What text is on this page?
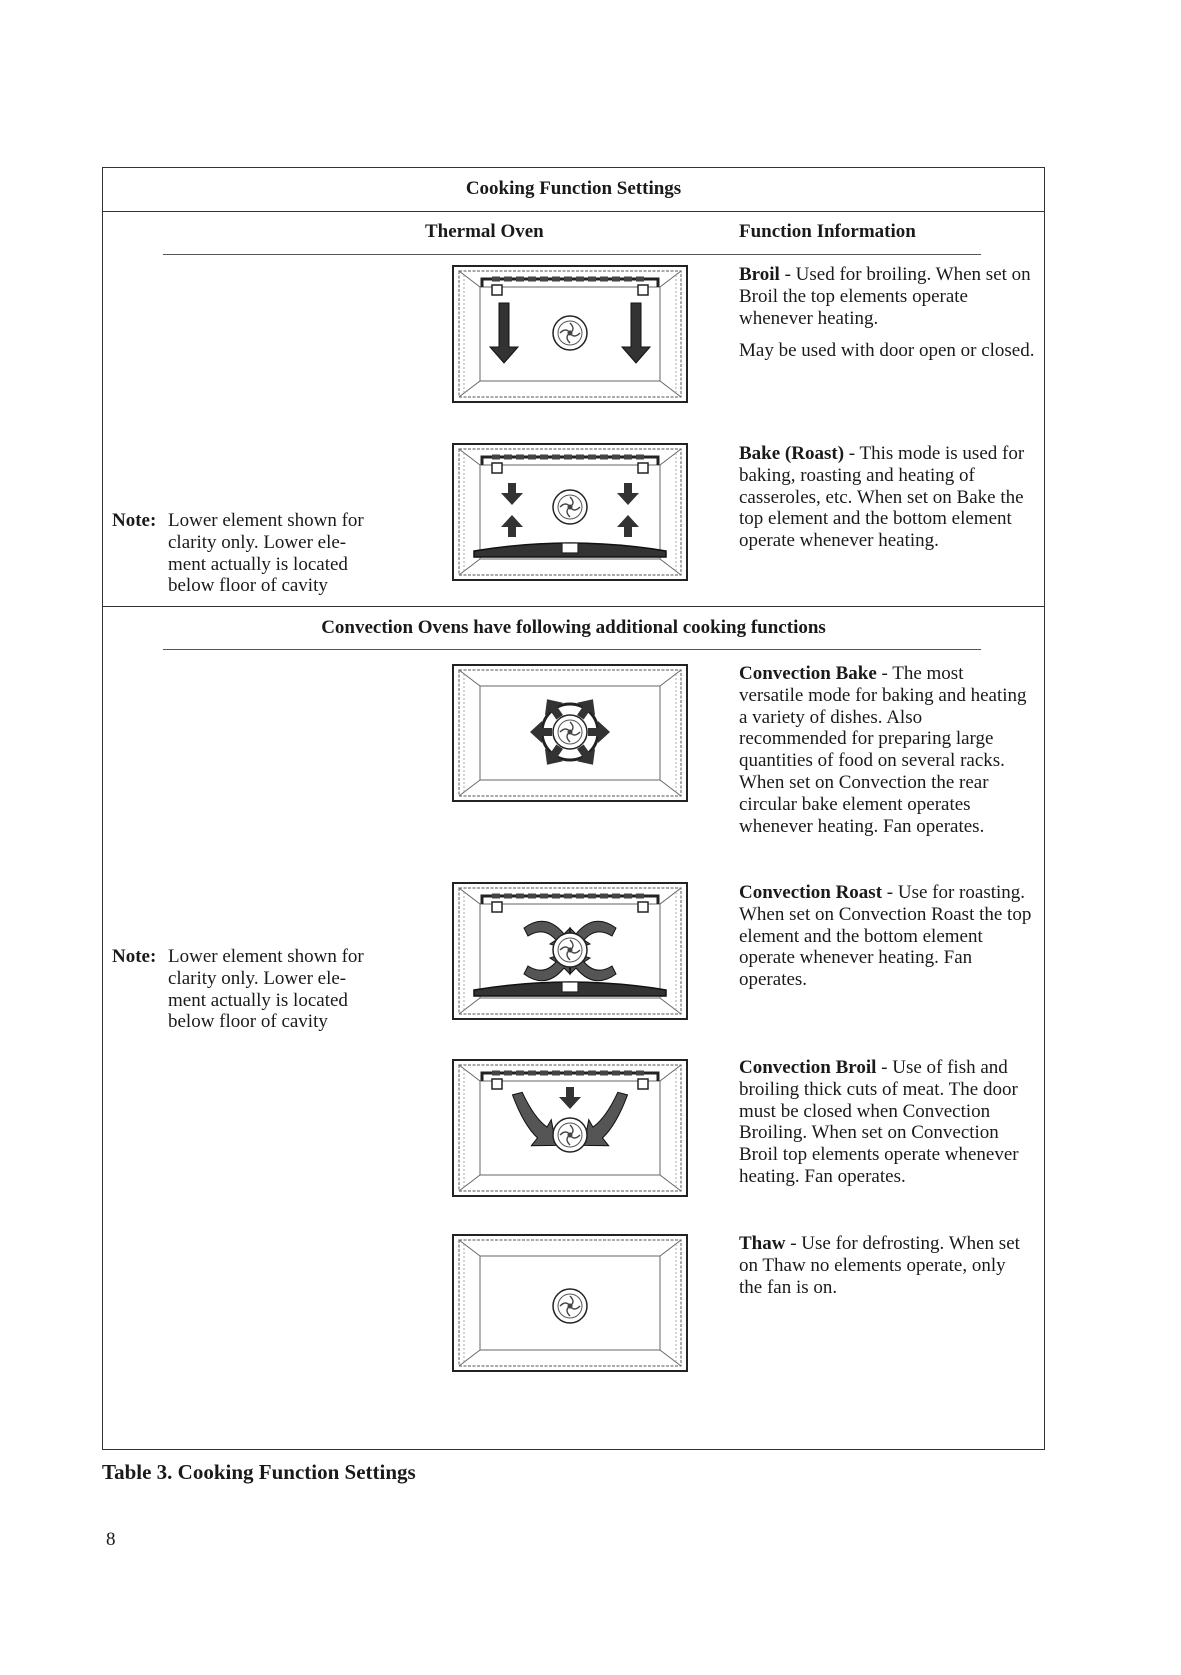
Cooking Function Settings
Thermal Oven	Function Information

Broil - Used for broiling. When set on Broil the top elements operate whenever heating.

May be used with door open or closed.

Bake (Roast) - This mode is used for baking, roasting and heating of casseroles, etc. When set on Bake the top element and the bottom element operate whenever heating.

Note: Lower element shown for clarity only. Lower ele- ment actually is located below floor of cavity
Convection Ovens have following additional cooking functions

Convection Bake - The most versatile mode for baking and heating a variety of dishes. Also recommended for preparing large quantities of food on several racks. When set on Convection the rear circular bake element operates whenever heating. Fan operates.

Convection Roast - Use for roasting. When set on Convection Roast the top element and the bottom element operate whenever heating. Fan operates.

Note: Lower element shown for clarity only. Lower ele- ment actually is located below floor of cavity

Convection Broil - Use of fish and broiling thick cuts of meat. The door must be closed when Convection Broiling. When set on Convection Broil top elements operate whenever heating. Fan operates.

Thaw - Use for defrosting. When set on Thaw no elements operate, only the fan is on.

Table 3. Cooking Function Settings
8
